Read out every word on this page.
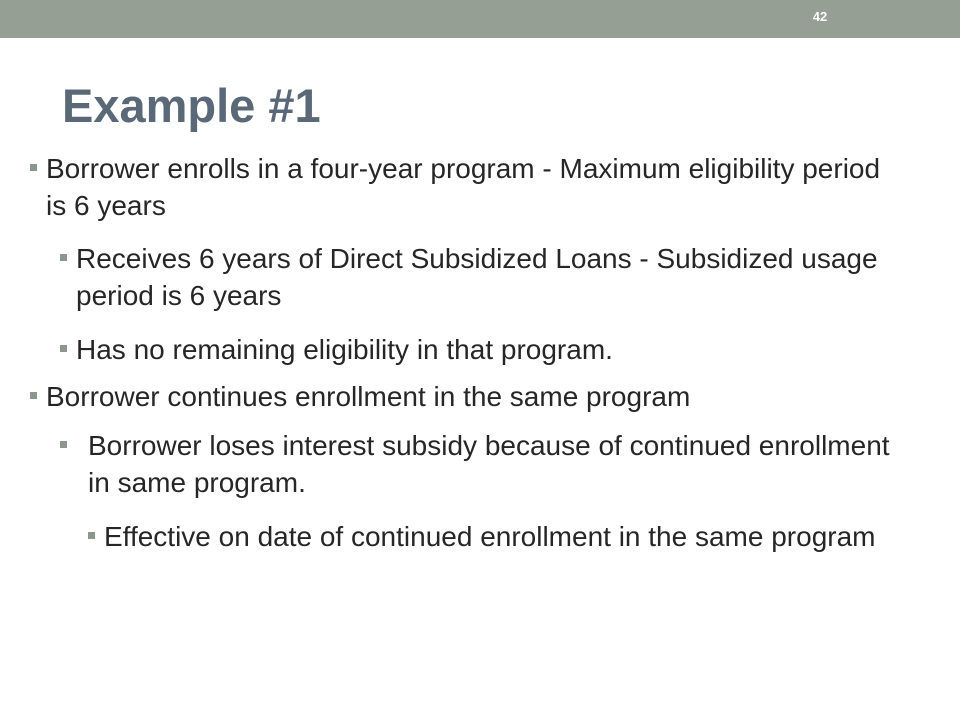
42
Example #1
Borrower enrolls in a four-year program - Maximum eligibility period is 6 years
Receives 6 years of Direct Subsidized Loans - Subsidized usage period is 6 years
Has no remaining eligibility in that program.
Borrower continues enrollment in the same program
Borrower loses interest subsidy because of continued enrollment in same program.
Effective on date of continued enrollment in the same program
